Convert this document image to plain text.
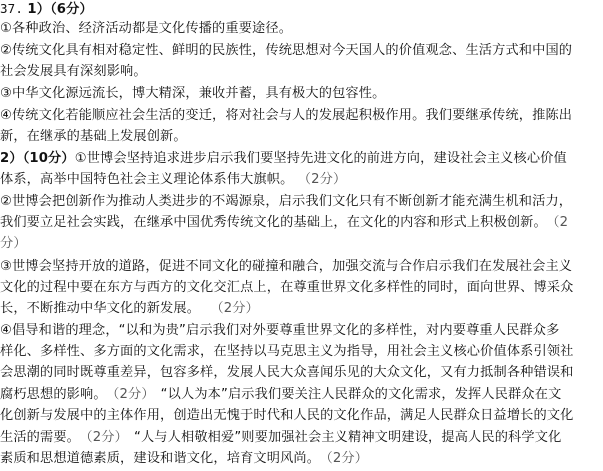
37. 1）（6分）
①各种政治、经济活动都是文化传播的重要途径。
②传统文化具有相对稳定性、鲜明的民族性，传统思想对今天国人的价值观念、生活方式和中国的
社会发展具有深刻影响。
③中华文化源远流长，博大精深，兼收并蓄，具有极大的包容性。
④传统文化若能顺应社会生活的变迁，将对社会与人的发展起积极作用。我们要继承传统，推陈出
新，在继承的基础上发展创新。
2）（10分）①世博会坚持追求进步启示我们要坚持先进文化的前进方向，建设社会主义核心价值
体系，高举中国特色社会主义理论体系伟大旗帜。 （2分）
②世博会把创新作为推动人类进步的不竭源泉，启示我们文化只有不断创新才能充满生机和活力，
我们要立足社会实践，在继承中国优秀传统文化的基础上，在文化的内容和形式上积极创新。 （2
分）
③世博会坚持开放的道路，促进不同文化的碰撞和融合，加强交流与合作启示我们在发展社会主义
文化的过程中要在东方与西方的文化交汇点上，在尊重世界文化多样性的同时，面向世界、博采众
长，不断推动中华文化的新发展。 （2分）
④倡导和谐的理念，“以和为贵”启示我们对外要尊重世界文化的多样性，对内要尊重人民群众多
样化、多样性、多方面的文化需求，在坚持以马克思主义为指导，用社会主义核心价值体系引领社
会思潮的同时既尊重差异，包容多样，发展人民大众喜闻乐见的大众文化，又有力抵制各种错误和
腐朽思想的影响。 （2分） “以人为本”启示我们要关注人民群众的文化需求，发挥人民群众在文
化创新与发展中的主体作用，创造出无愧于时代和人民的文化作品，满足人民群众日益增长的文化
生活的需要。 （2分） “人与人相敬相爱”则要加强社会主义精神文明建设，提高人民的科学文化
素质和思想道德素质，建设和谐文化，培育文明风尚。 （2分）
